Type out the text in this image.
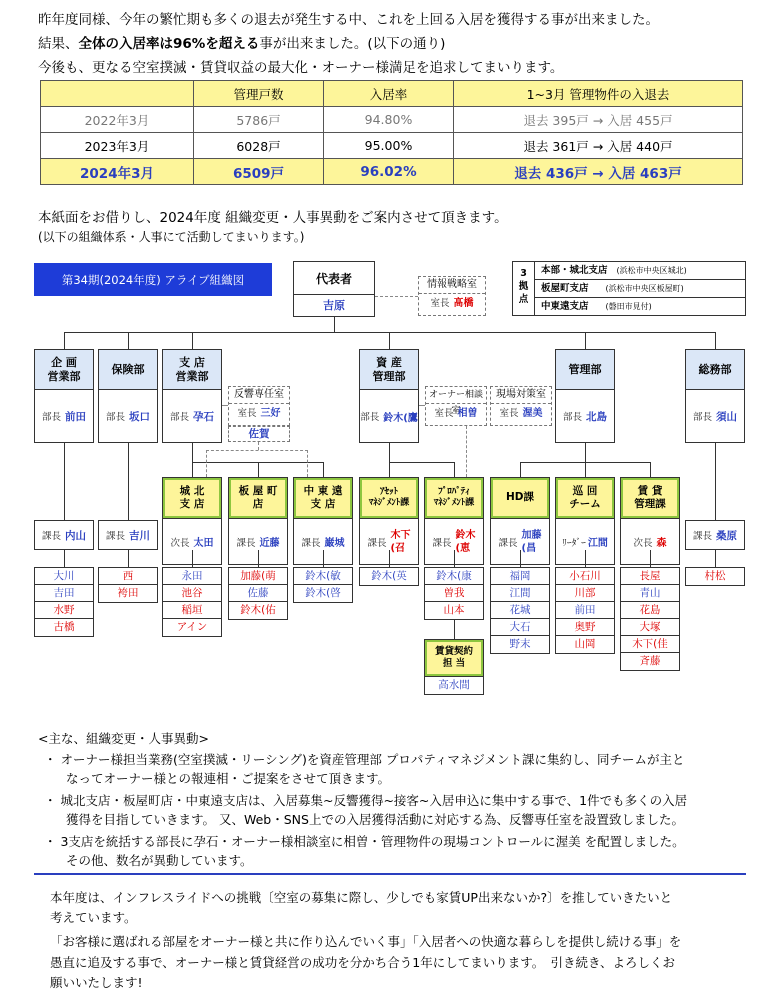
昨年度同様、今年の繁忙期も多くの退去が発生する中、これを上回る入居を獲得する事が出来ました。

結果、全体の入居率は96%を超える事が出来ました。(以下の通り)

今後も、更なる空室撲滅・賃貸収益の最大化・オーナー様満足を追求してまいります。

	管理戸数	入居率	1~3月 管理物件の入退去
2022年3月	5786戸	94.80%	退去 395戸 → 入居 455戸
2023年3月	6028戸	95.00%	退去 361戸 → 入居 440戸
2024年3月	6509戸	96.02%	退去 436戸 → 入居 463戸

本紙面をお借りし、2024年度 組織変更・人事異動をご案内させて頂きます。

(以下の組織体系・人事にて活動してまいります。)

第34期(2024年度) アライブ組織図	代表者
吉原
情報戦略室
室長 髙橋
3
拠
点
本部・城北支店 (浜松市中央区城北)
板屋町支店 (浜松市中央区板屋町)
中東遠支店 (磐田市見付)
企 画
営業部
部長 前田
保険部
部長 坂口
支 店
営業部
部長 孕石
資 産
管理部
部長 鈴木(鷹
管理部
部長 北島
総務部
部長 須山
反響専任室
室長 三好
佐賀
オーナー相談室
室長 相曽
現場対策室
室長 渥美
課長 内山 課長 吉川	課長 桑原
城 北
支 店
次長 太田
板 屋 町
店
課長 近藤
中 東 遠
支 店
課長 巌城
ｱｾｯﾄ
ﾏﾈｼﾞﾒﾝﾄ課
課長
木下
(召
ﾌﾟﾛﾊﾟﾃｨ
ﾏﾈｼﾞﾒﾝﾄ課
課長
鈴木
(恵
HD課
課長
加藤
(昌
巡 回
チーム
ﾘｰﾀﾞｰ 江間
賃 貸
管理課
次長 森
大川
吉田
水野
古橋
西
袴田
永田
池谷
稲垣
アイン
加藤(萌
佐藤
鈴木(佑
鈴木(敏
鈴木(啓
鈴木(英	鈴木(康
曽我
山本
福岡
江間
花城
大石
野末
小石川
川部
前田
奥野
山岡
長屋
青山
花島
大塚
木下(佳
斉藤
村松
賃貸契約
担 当
高水間

<主な、組織変更・人事異動>

・ オーナー様担当業務(空室撲滅・リーシング)を資産管理部 プロパティマネジメント課に集約し、同チームが主と

なってオーナー様との報連相・ご提案をさせて頂きます。

・ 城北支店・板屋町店・中東遠支店は、入居募集~反響獲得~接客~入居申込に集中する事で、1件でも多くの入居

獲得を目指していきます。 又、Web・SNS上での入居獲得活動に対応する為、反響専任室を設置致しました。

・ 3支店を統括する部長に孕石・オーナー様相談室に相曽・管理物件の現場コントロールに渥美 を配置しました。

その他、数名が異動しています。

本年度は、インフレスライドへの挑戦〔空室の募集に際し、少しでも家賃UP出来ないか?〕を推していきたいと

考えています。

「お客様に選ばれる部屋をオーナー様と共に作り込んでいく事」「入居者への快適な暮らしを提供し続ける事」を

愚直に追及する事で、オーナー様と賃貸経営の成功を分かち合う1年にしてまいります。　引き続き、よろしくお

願いいたします!
